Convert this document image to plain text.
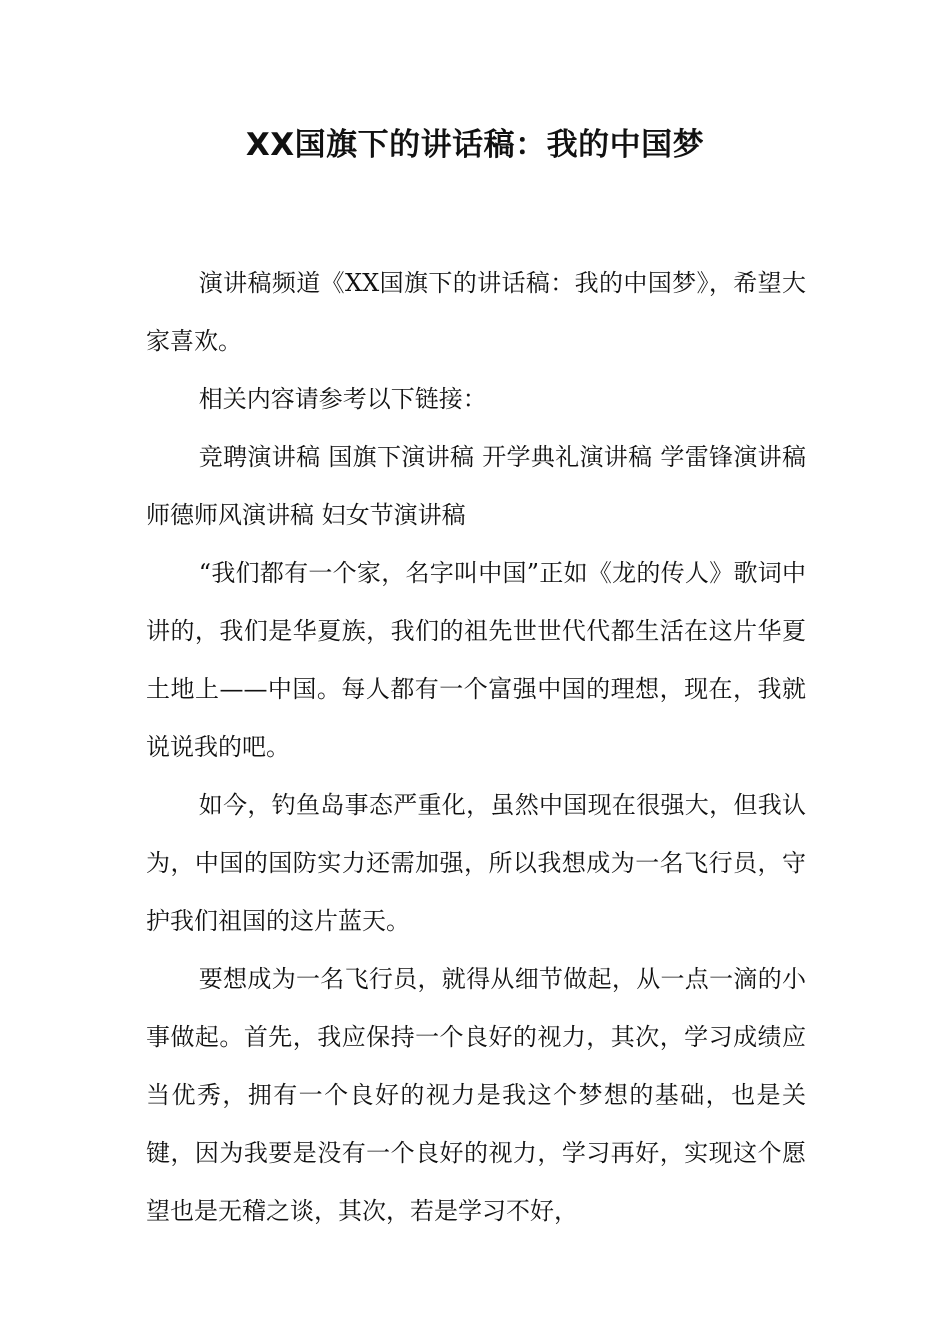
XX国旗下的讲话稿：我的中国梦

演讲稿频道《XX国旗下的讲话稿：我的中国梦》，希望大家喜欢。

相关内容请参考以下链接：

竞聘演讲稿 国旗下演讲稿 开学典礼演讲稿 学雷锋演讲稿 师德师风演讲稿 妇女节演讲稿

“我们都有一个家，名字叫中国”正如《龙的传人》歌词中讲的，我们是华夏族，我们的祖先世世代代都生活在这片华夏土地上——中国。每人都有一个富强中国的理想，现在，我就说说我的吧。

如今，钓鱼岛事态严重化，虽然中国现在很强大，但我认为，中国的国防实力还需加强，所以我想成为一名飞行员，守护我们祖国的这片蓝天。

要想成为一名飞行员，就得从细节做起，从一点一滴的小事做起。首先，我应保持一个良好的视力，其次，学习成绩应当优秀，拥有一个良好的视力是我这个梦想的基础，也是关键，因为我要是没有一个良好的视力，学习再好，实现这个愿望也是无稽之谈，其次，若是学习不好，
